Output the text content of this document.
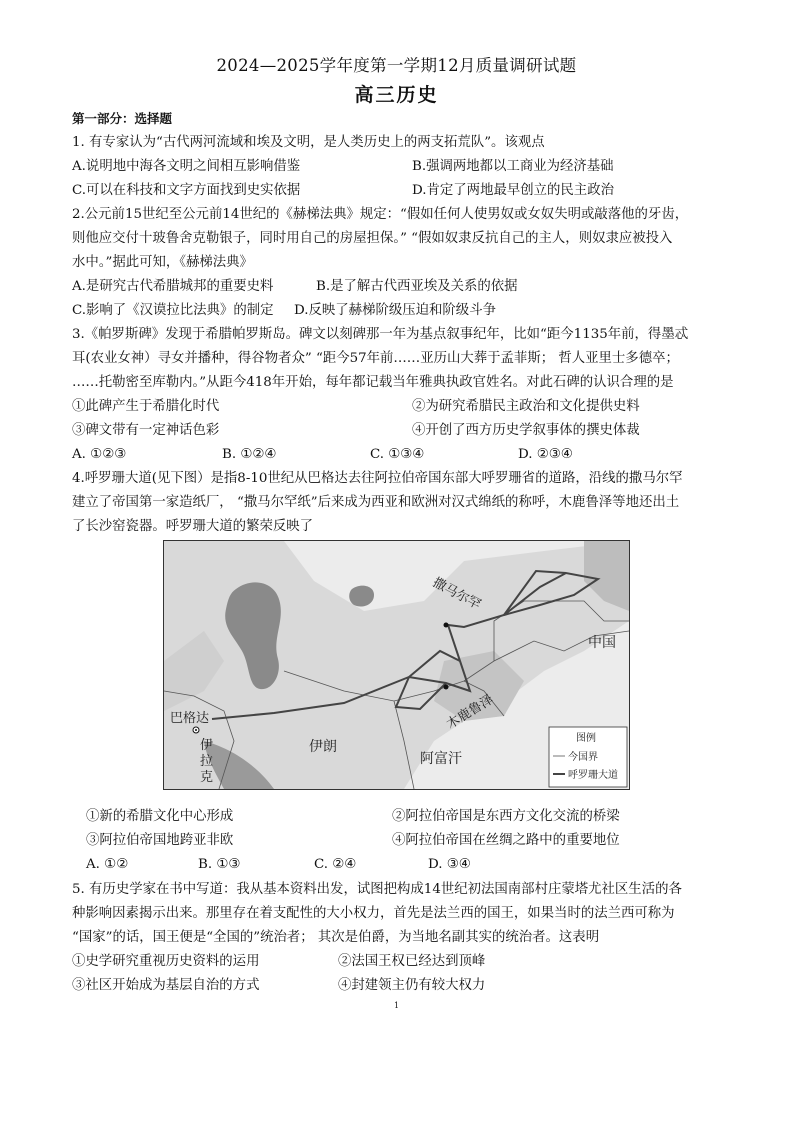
2024—2025学年度第一学期12月质量调研试题
高三历史
第一部分：选择题
1. 有专家认为“古代两河流域和埃及文明，是人类历史上的两支拓荒队”。该观点
A.说明地中海各文明之间相互影响借鉴	B.强调两地都以工商业为经济基础
C.可以在科技和文字方面找到史实依据	D.肯定了两地最早创立的民主政治
2.公元前15世纪至公元前14世纪的《赫梯法典》规定：“假如任何人使男奴或女奴失明或敲落他的牙齿，
则他应交付十玻鲁舍克勒银子，同时用自己的房屋担保。” “假如奴隶反抗自己的主人，则奴隶应被投入
水中。”据此可知，《赫梯法典》
A.是研究古代希腊城邦的重要史料	B.是了解古代西亚埃及关系的依据
C.影响了《汉谟拉比法典》的制定 D.反映了赫梯阶级压迫和阶级斗争
3.《帕罗斯碑》发现于希腊帕罗斯岛。碑文以刻碑那一年为基点叙事纪年，比如“距今1135年前，得墨忒
耳(农业女神）寻女并播种，得谷物者众” “距今57年前……亚历山大葬于孟菲斯； 哲人亚里士多德卒；
……托勒密至库勒内。”从距今418年开始，每年都记载当年雅典执政官姓名。对此石碑的认识合理的是
①此碑产生于希腊化时代	②为研究希腊民主政治和文化提供史料
③碑文带有一定神话色彩	④开创了西方历史学叙事体的撰史体裁
A. ①②③	B. ①②④	C. ①③④	D. ②③④
4.呼罗珊大道(见下图）是指8-10世纪从巴格达去往阿拉伯帝国东部大呼罗珊省的道路，沿线的撒马尔罕
建立了帝国第一家造纸厂， “撒马尔罕纸”后来成为西亚和欧洲对汉式绵纸的称呼，木鹿鲁泽等地还出土
了长沙窑瓷器。呼罗珊大道的繁荣反映了
撒马尔罕
中国
木鹿鲁泽
巴格达
伊朗
阿富汗
伊 拉 克
图例
今国界
呼罗珊大道
①新的希腊文化中心形成	②阿拉伯帝国是东西方文化交流的桥梁
③阿拉伯帝国地跨亚非欧	④阿拉伯帝国在丝绸之路中的重要地位
A. ①②	B. ①③	C. ②④	D. ③④
5. 有历史学家在书中写道：我从基本资料出发，试图把构成14世纪初法国南部村庄蒙塔尤社区生活的各
种影响因素揭示出来。那里存在着支配性的大小权力，首先是法兰西的国王，如果当时的法兰西可称为
“国家”的话，国王便是“全国的”统治者； 其次是伯爵，为当地名副其实的统治者。这表明
①史学研究重视历史资料的运用	②法国王权已经达到顶峰
③社区开始成为基层自治的方式	④封建领主仍有较大权力
1
